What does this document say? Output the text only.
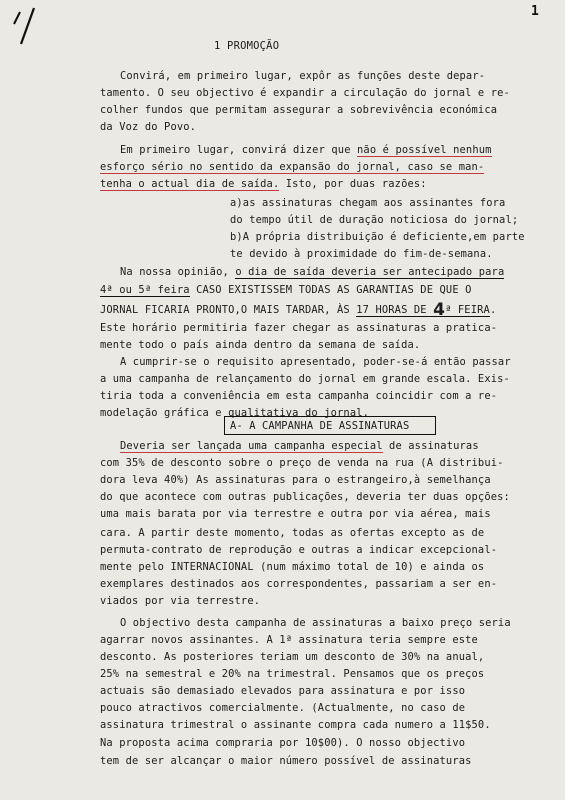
1
1 PROMOÇÃO
Convirá, em primeiro lugar, expôr as funções deste depar-
tamento. O seu objectivo é expandir a circulação do jornal e re-
colher fundos que permitam assegurar a sobrevivência económica
da Voz do Povo.
Em primeiro lugar, convirá dizer que não é possível nenhum
esforço sério no sentido da expansão do jornal, caso se man-
tenha o actual dia de saída. Isto, por duas razões:
a)as assinaturas chegam aos assinantes fora
do tempo útil de duração noticiosa do jornal;
b)A própria distribuição é deficiente,em parte
te devido à proximidade do fim-de-semana.
Na nossa opinião, o dia de saída deveria ser antecipado para
4ª ou 5ª feira CASO EXISTISSEM TODAS AS GARANTIAS DE QUE O
JORNAL FICARIA PRONTO,O MAIS TARDAR, ÀS 17 HORAS DE 4ª FEIRA.
Este horário permitiria fazer chegar as assinaturas a pratica-
mente todo o país ainda dentro da semana de saída.
A cumprir-se o requisito apresentado, poder-se-á então passar
a uma campanha de relançamento do jornal em grande escala. Exis-
tiria toda a conveniência em esta campanha coincidir com a re-
modelação gráfica e qualitativa do jornal.
A- A CAMPANHA DE ASSINATURAS
Deveria ser lançada uma campanha especial de assinaturas
com 35% de desconto sobre o preço de venda na rua (A distribui-
dora leva 40%) As assinaturas para o estrangeiro,à semelhança
do que acontece com outras publicações, deveria ter duas opções:
uma mais barata por via terrestre e outra por via aérea, mais
cara. A partir deste momento, todas as ofertas excepto as de
permuta-contrato de reprodução e outras a indicar excepcional-
mente pelo INTERNACIONAL (num máximo total de 10) e ainda os
exemplares destinados aos correspondentes, passariam a ser en-
viados por via terrestre.
O objectivo desta campanha de assinaturas a baixo preço seria
agarrar novos assinantes. A 1ª assinatura teria sempre este
desconto. As posteriores teriam um desconto de 30% na anual,
25% na semestral e 20% na trimestral. Pensamos que os preços
actuais são demasiado elevados para assinatura e por isso
pouco atractivos comercialmente. (Actualmente, no caso de
assinatura trimestral o assinante compra cada numero a 11$50.
Na proposta acima compraria por 10$00). O nosso objectivo
tem de ser alcançar o maior número possível de assinaturas
